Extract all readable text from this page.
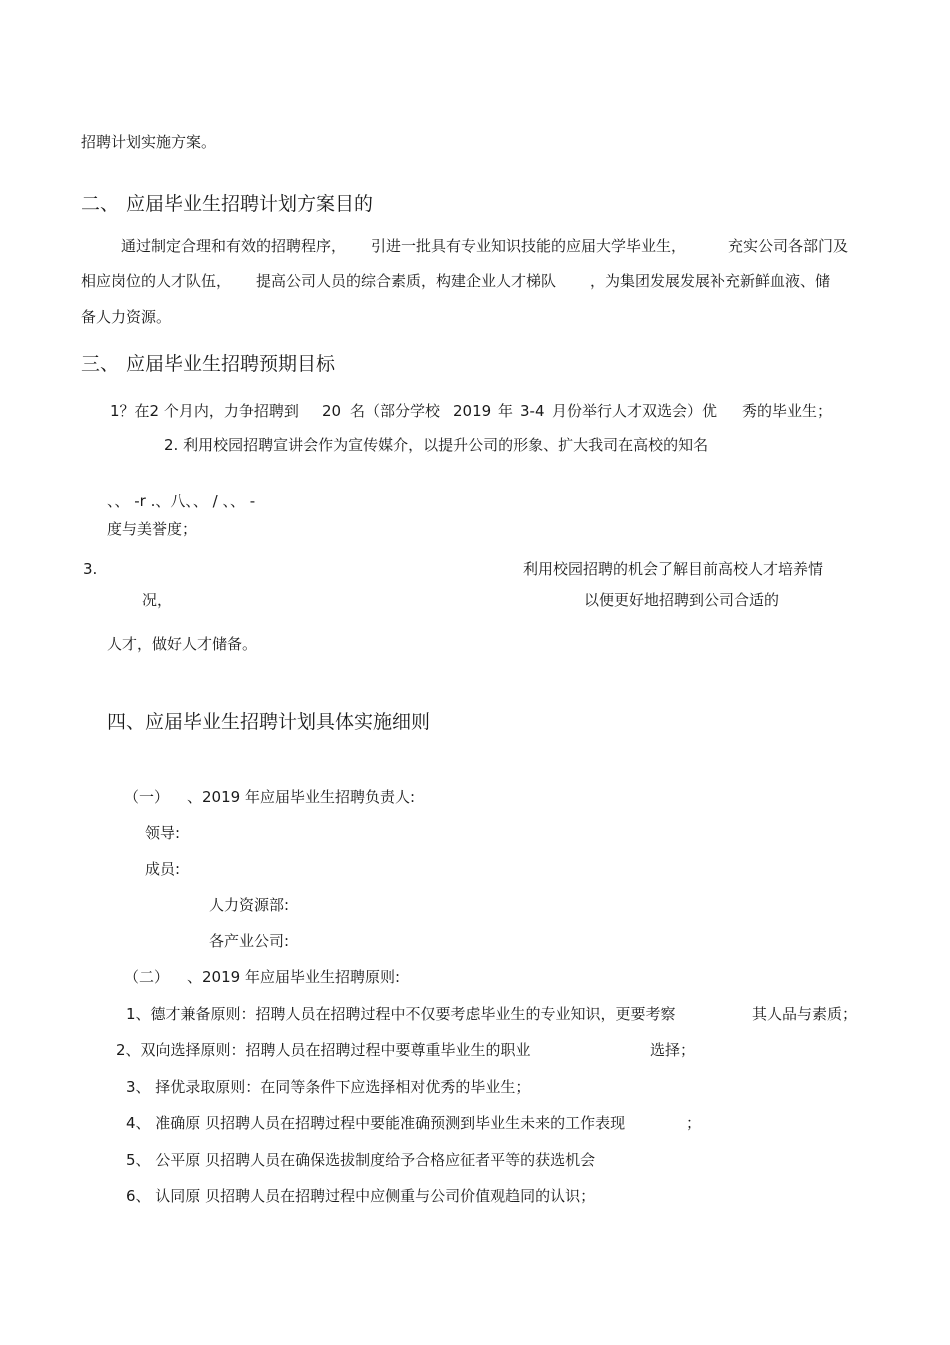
招聘计划实施方案。
二、 应届毕业生招聘计划方案目的
通过制定合理和有效的招聘程序， 引进一批具有专业知识技能的应届大学毕业生，	充实公司各部门及
相应岗位的人才队伍， 提高公司人员的综合素质，构建企业人才梯队 ，为集团发展发展补充新鲜血液、储
备人力资源。
三、 应届毕业生招聘预期目标
1？在2 个月内，力争招聘到 20 名（部分学校 2019 年 3-4 月份举行人才双选会）优 秀的毕业生；
2. 利用校园招聘宣讲会作为宣传媒介，以提升公司的形象、扩大我司在高校的知名
、、 -r .、八、、 / 、、 -
度与美誉度；
3.	利用校园招聘的机会了解目前高校人才培养情
况，	以便更好地招聘到公司合适的
人才，做好人才储备。
四、应届毕业生招聘计划具体实施细则
（一） 、2019 年应届毕业生招聘负责人:
领导:
成员:
人力资源部:
各产业公司:
（二） 、2019 年应届毕业生招聘原则:
1、德才兼备原则：招聘人员在招聘过程中不仅要考虑毕业生的专业知识，更要考察	其人品与素质；
2、双向选择原则：招聘人员在招聘过程中要尊重毕业生的职业	选择；
3、 择优录取原则：在同等条件下应选择相对优秀的毕业生；
4、 准确原 贝招聘人员在招聘过程中要能准确预测到毕业生未来的工作表现	；
5、 公平原 贝招聘人员在确保选拔制度给予合格应征者平等的获选机会
6、 认同原 贝招聘人员在招聘过程中应侧重与公司价值观趋同的认识；
